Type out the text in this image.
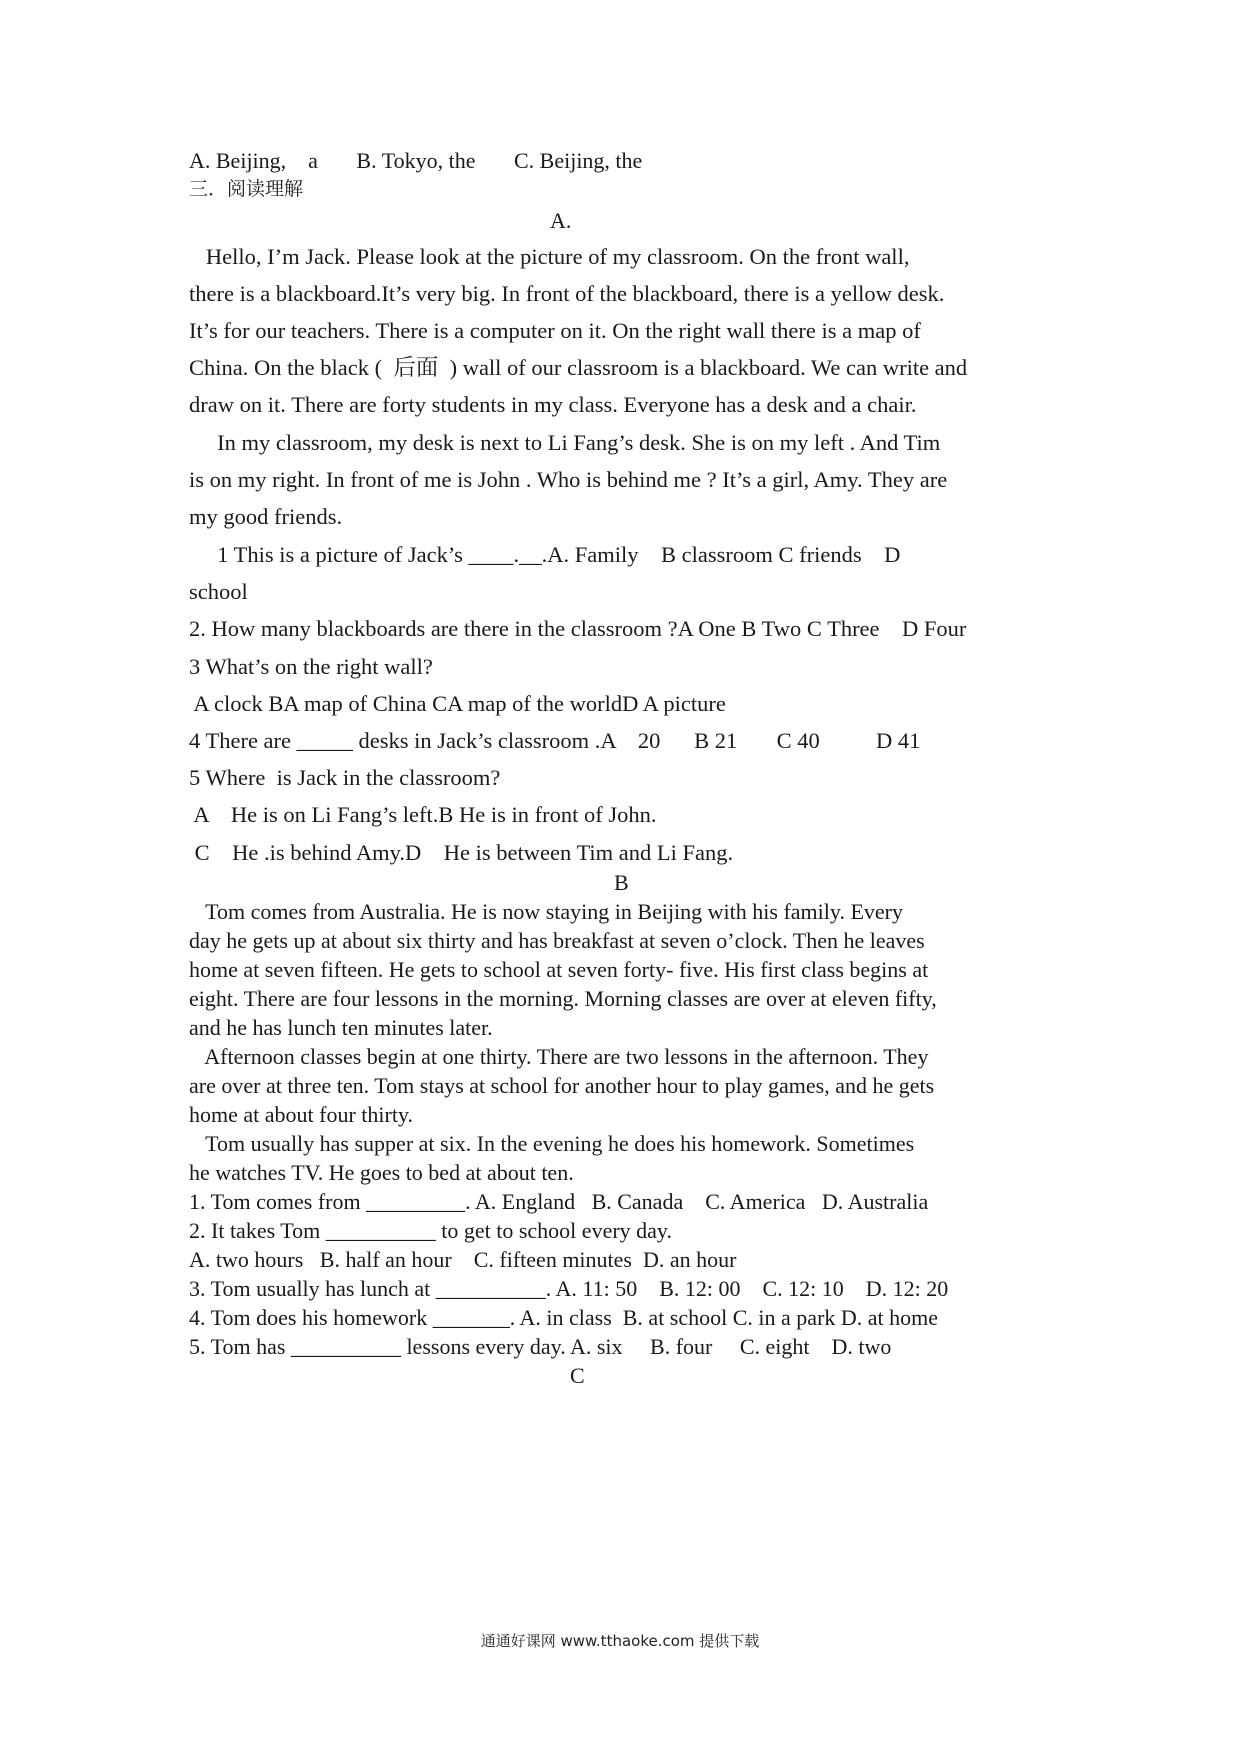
A. Beijing,    a       B. Tokyo, the       C. Beijing, the
三．阅读理解
A.
Hello, I’m Jack. Please look at the picture of my classroom. On the front wall,
there is a blackboard.It’s very big. In front of the blackboard, there is a yellow desk.
It’s for our teachers. There is a computer on it. On the right wall there is a map of
China. On the black (  后面  ) wall of our classroom is a blackboard. We can write and
draw on it. There are forty students in my class. Everyone has a desk and a chair.
In my classroom, my desk is next to Li Fang’s desk. She is on my left . And Tim
is on my right. In front of me is John . Who is behind me ? It’s a girl, Amy. They are
my good friends.
1 This is a picture of Jack’s ____.__.A. Family    B classroom C friends    D
school
2. How many blackboards are there in the classroom ?A One B Two C Three    D Four
3 What’s on the right wall?
A clock BA map of China CA map of the worldD A picture
4 There are _____ desks in Jack’s classroom .A    20      B 21       C 40          D 41
5 Where  is Jack in the classroom?
A    He is on Li Fang’s left.B He is in front of John.
C    He .is behind Amy.D    He is between Tim and Li Fang.
B
Tom comes from Australia. He is now staying in Beijing with his family. Every
day he gets up at about six thirty and has breakfast at seven o’clock. Then he leaves
home at seven fifteen. He gets to school at seven forty- five. His first class begins at
eight. There are four lessons in the morning. Morning classes are over at eleven fifty,
and he has lunch ten minutes later.
Afternoon classes begin at one thirty. There are two lessons in the afternoon. They
are over at three ten. Tom stays at school for another hour to play games, and he gets
home at about four thirty.
Tom usually has supper at six. In the evening he does his homework. Sometimes
he watches TV. He goes to bed at about ten.
1. Tom comes from _________. A. England   B. Canada    C. America   D. Australia
2. It takes Tom __________ to get to school every day.
A. two hours   B. half an hour    C. fifteen minutes  D. an hour
3. Tom usually has lunch at __________. A. 11: 50    B. 12: 00    C. 12: 10    D. 12: 20
4. Tom does his homework _______. A. in class  B. at school C. in a park D. at home
5. Tom has __________ lessons every day. A. six     B. four     C. eight    D. two
C
通通好课网 www.tthaoke.com 提供下载
